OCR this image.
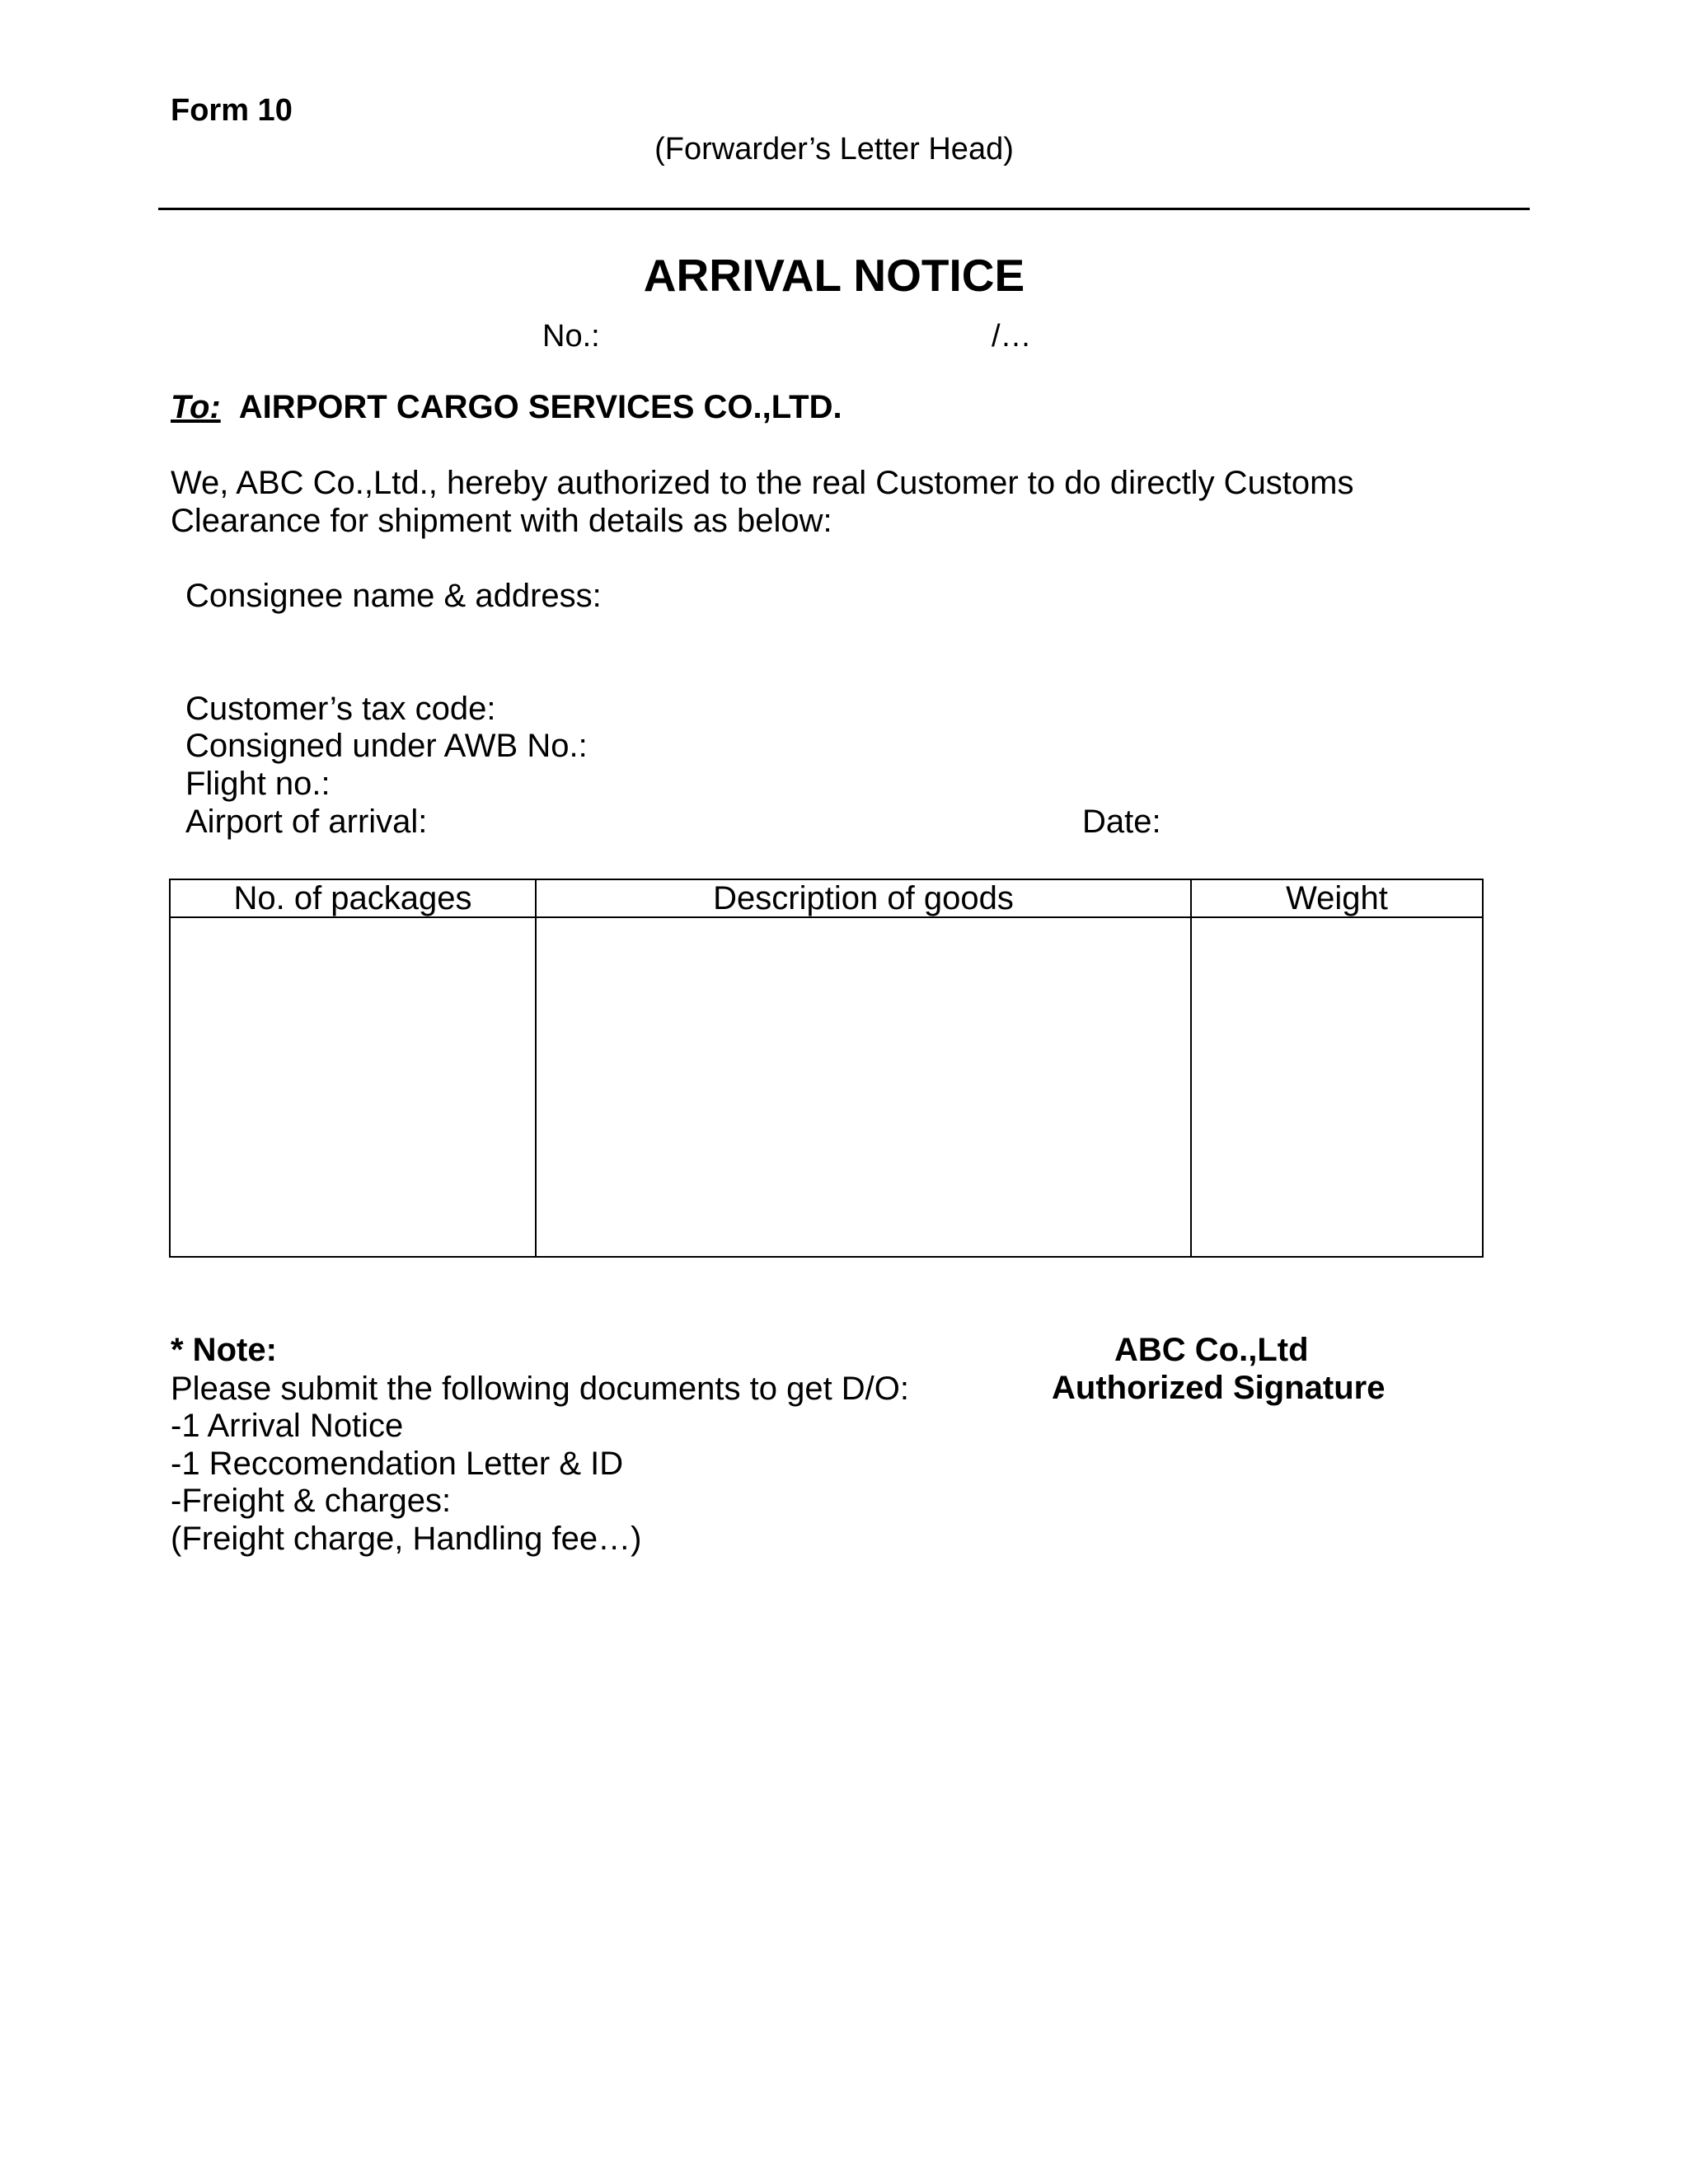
Form 10
(Forwarder’s Letter Head)
ARRIVAL NOTICE
No.:	/…
To: AIRPORT CARGO SERVICES CO.,LTD.
We, ABC Co.,Ltd., hereby authorized to the real Customer to do directly Customs
Clearance for shipment with details as below:
Consignee name & address:
Customer’s tax code:
Consigned under AWB No.:
Flight no.:
Airport of arrival:	Date:
No. of packages	Description of goods	Weight

* Note:
Please submit the following documents to get D/O:
-1 Arrival Notice
-1 Reccomendation Letter & ID
-Freight & charges:
(Freight charge, Handling fee…)
ABC Co.,Ltd
Authorized Signature
